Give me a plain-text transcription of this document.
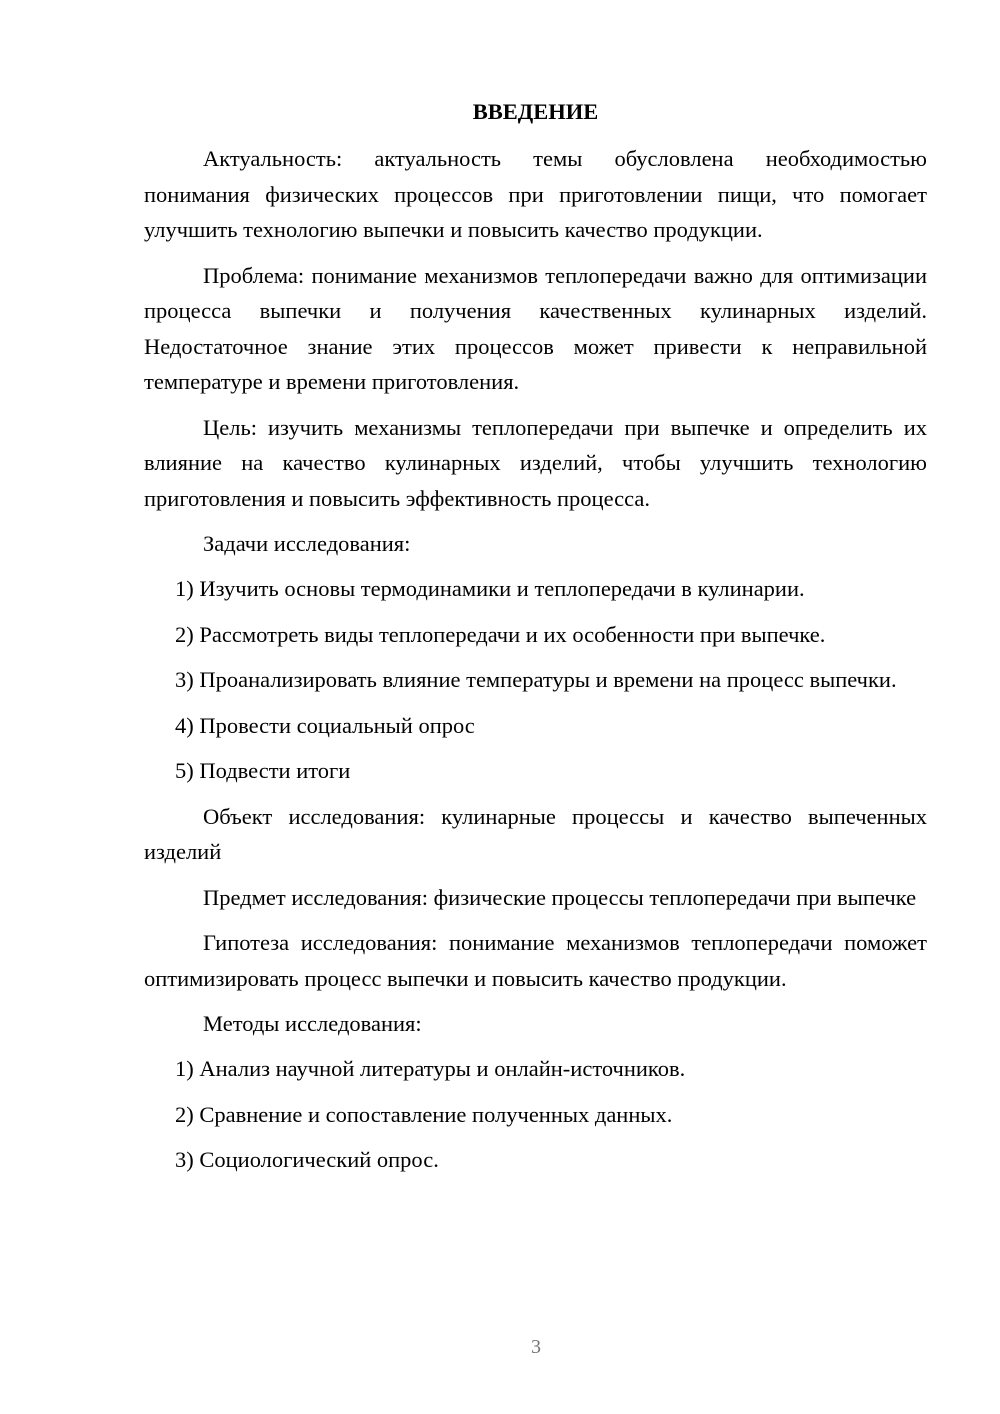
ВВЕДЕНИЕ

Актуальность: актуальность темы обусловлена необходимостью понимания физических процессов при приготовлении пищи, что помогает улучшить технологию выпечки и повысить качество продукции.

Проблема: понимание механизмов теплопередачи важно для оптимизации процесса выпечки и получения качественных кулинарных изделий. Недостаточное знание этих процессов может привести к неправильной температуре и времени приготовления.

Цель: изучить механизмы теплопередачи при выпечке и определить их влияние на качество кулинарных изделий, чтобы улучшить технологию приготовления и повысить эффективность процесса.

Задачи исследования:

1) Изучить основы термодинамики и теплопередачи в кулинарии.

2) Рассмотреть виды теплопередачи и их особенности при выпечке.

3) Проанализировать влияние температуры и времени на процесс выпечки.

4) Провести социальный опрос

5) Подвести итоги

Объект исследования: кулинарные процессы и качество выпеченных изделий

Предмет исследования: физические процессы теплопередачи при выпечке

Гипотеза исследования: понимание механизмов теплопередачи поможет оптимизировать процесс выпечки и повысить качество продукции.

Методы исследования:

1) Анализ научной литературы и онлайн-источников.

2) Сравнение и сопоставление полученных данных.

3) Социологический опрос.

3
